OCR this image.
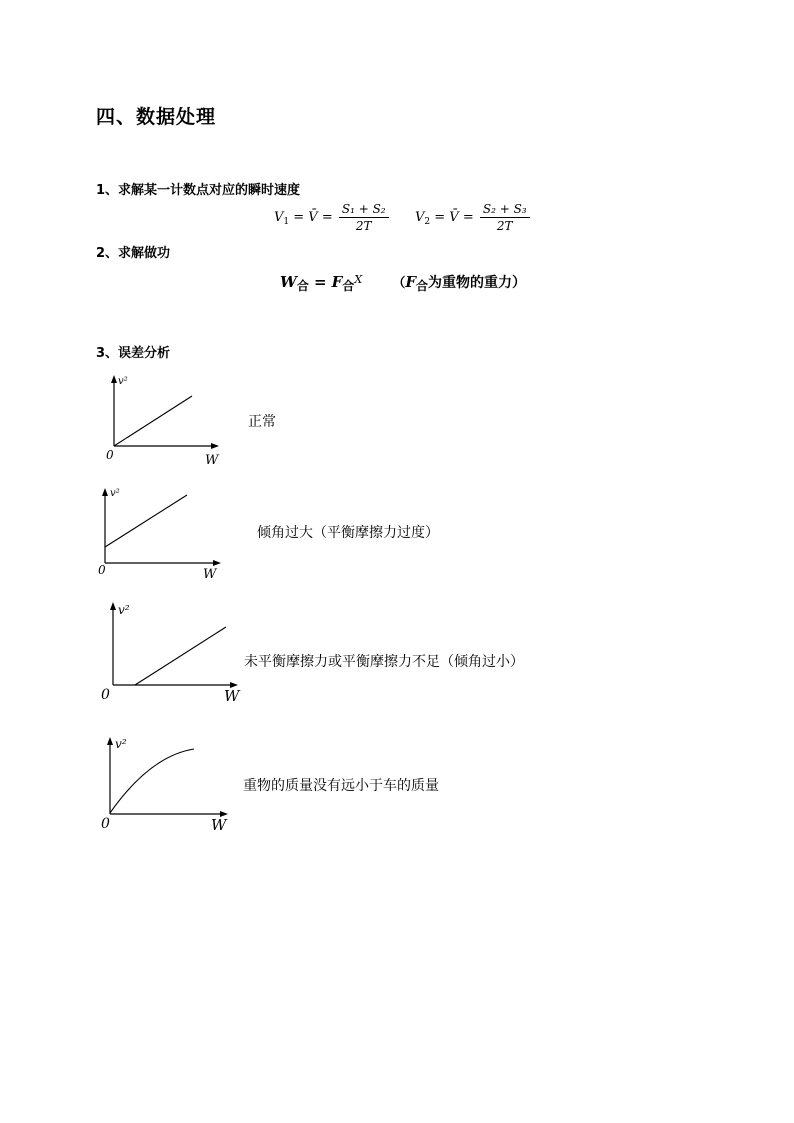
四、数据处理
1、求解某一计数点对应的瞬时速度
$V_1$ = V̄ = $\frac{\text{S₁ + S₂}}{2T} V_2$ = V̄ = $\frac{\text{S₂ + S₃}}{2T}$
2、求解做功
W合 = F合$^X$ （F合为重物的重力）
3、误差分析
v²
0	W
正常
v²
0	W
倾角过大（平衡摩擦力过度）
v²
0	W
未平衡摩擦力或平衡摩擦力不足（倾角过小）
v²
0	W
重物的质量没有远小于车的质量
